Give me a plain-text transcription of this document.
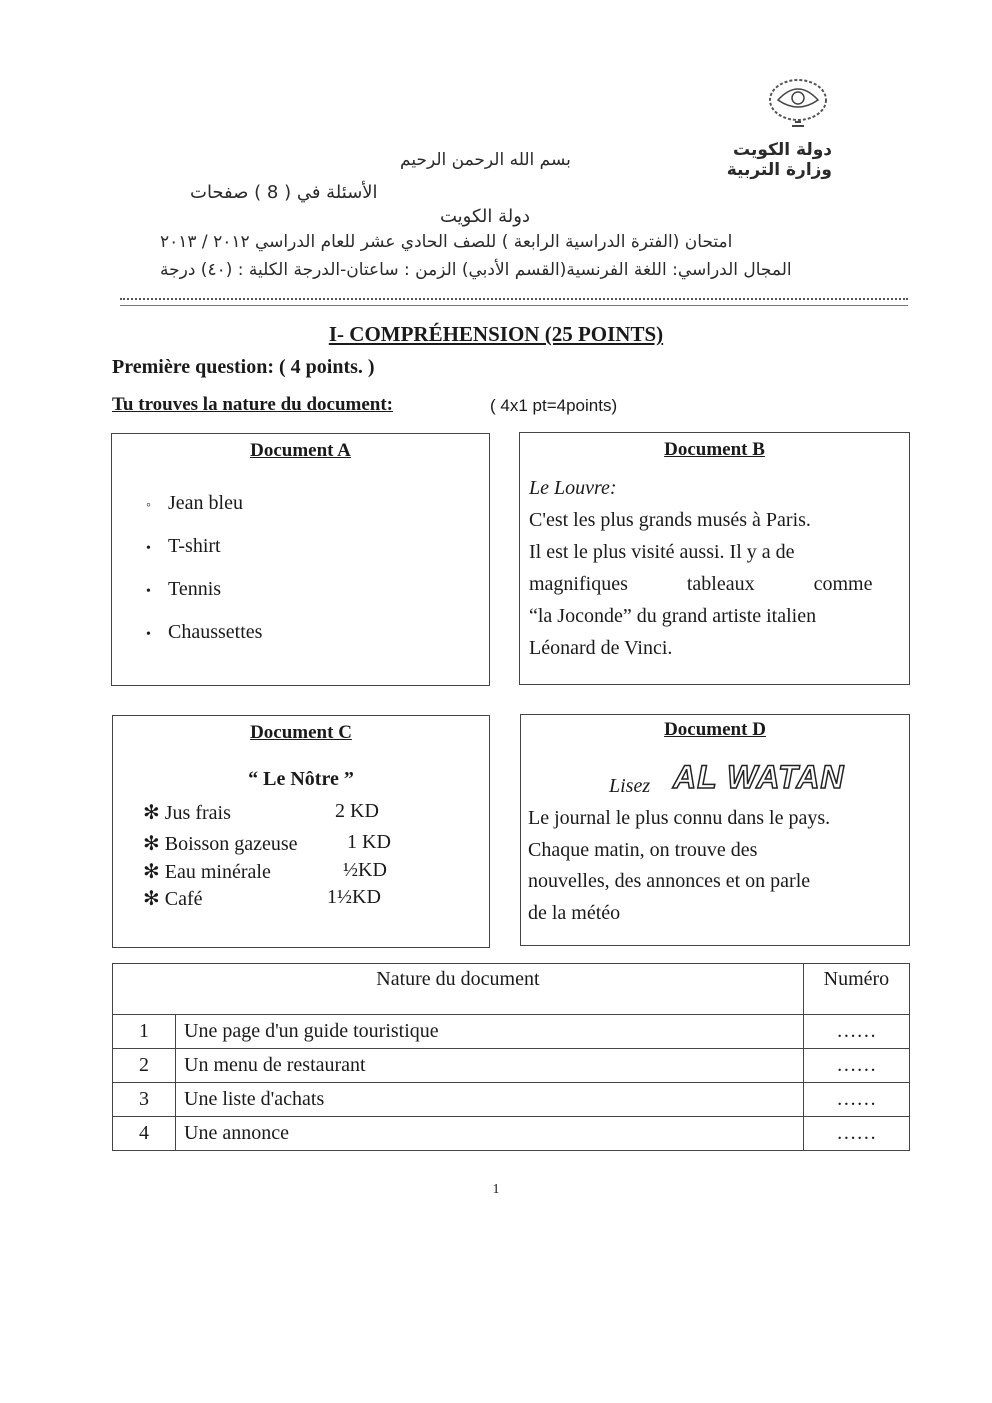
دولة الكويت
وزارة التربية
بسم الله الرحمن الرحيم
الأسئلة في ( 8 ) صفحات
دولة الكويت
امتحان (الفترة الدراسية الرابعة ) للصف الحادي عشر للعام الدراسي ٢٠١٢ / ٢٠١٣
المجال الدراسي: اللغة الفرنسية(القسم الأدبي) الزمن : ساعتان-الدرجة الكلية : (٤٠) درجة
I- COMPRÉHENSION (25 POINTS)
Première question: ( 4 points. )
Tu trouves la nature du document:	( 4x1 pt=4points)
Document A
◦ Jean bleu
• T-shirt
• Tennis
• Chaussettes
Document B
Le Louvre:
C'est les plus grands musés à Paris.
Il est le plus visité aussi. Il y a de
magnifiques tableaux comme
“la Joconde” du grand artiste italien
Léonard de Vinci.
Document C
“ Le Nôtre ”
✻ Jus frais	2 KD
✻ Boisson gazeuse 1 KD
✻ Eau minérale	½KD
✻ Café	1½KD
Document D
Lisez AL WATAN
Le journal le plus connu dans le pays.
Chaque matin, on trouve des
nouvelles, des annonces et on parle
de la météo
Nature du document		Numéro
1	Une page d'un guide touristique	……
2	Un menu de restaurant	……
3	Une liste d'achats	……
4	Une annonce	……
1
